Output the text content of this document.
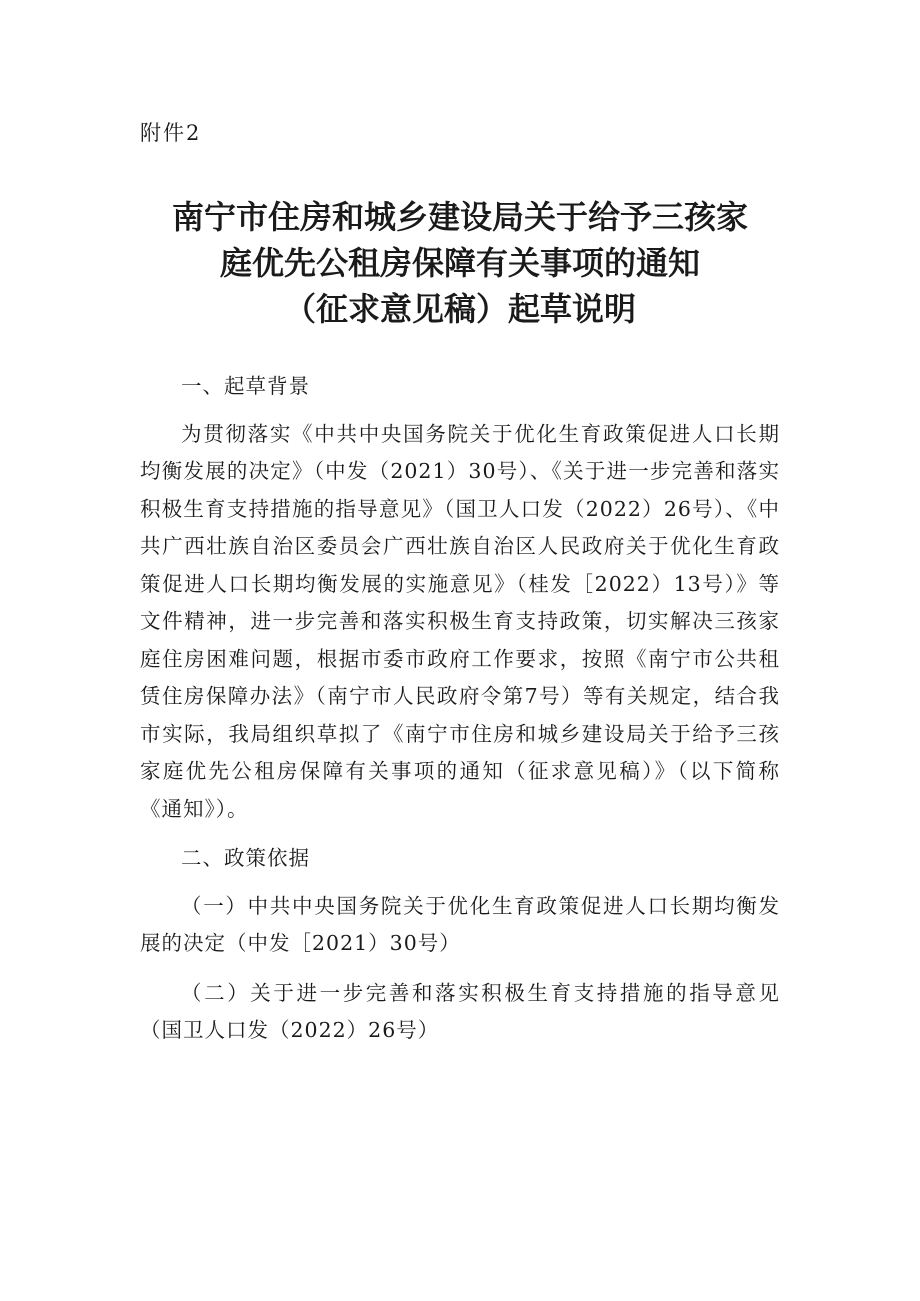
附件2

南宁市住房和城乡建设局关于给予三孩家
庭优先公租房保障有关事项的通知
（征求意见稿）起草说明

一、起草背景

为贯彻落实《中共中央国务院关于优化生育政策促进人口长期均衡发展的决定》（中发（2021）30号）、《关于进一步完善和落实积极生育支持措施的指导意见》（国卫人口发（2022）26号）、《中共广西壮族自治区委员会广西壮族自治区人民政府关于优化生育政策促进人口长期均衡发展的实施意见》（桂发［2022）13号）》等文件精神，进一步完善和落实积极生育支持政策，切实解决三孩家庭住房困难问题，根据市委市政府工作要求，按照《南宁市公共租赁住房保障办法》（南宁市人民政府令第7号）等有关规定，结合我市实际，我局组织草拟了《南宁市住房和城乡建设局关于给予三孩家庭优先公租房保障有关事项的通知（征求意见稿）》（以下简称《通知》）。

二、政策依据

（一）中共中央国务院关于优化生育政策促进人口长期均衡发展的决定（中发［2021）30号）

（二）关于进一步完善和落实积极生育支持措施的指导意见（国卫人口发（2022）26号）
